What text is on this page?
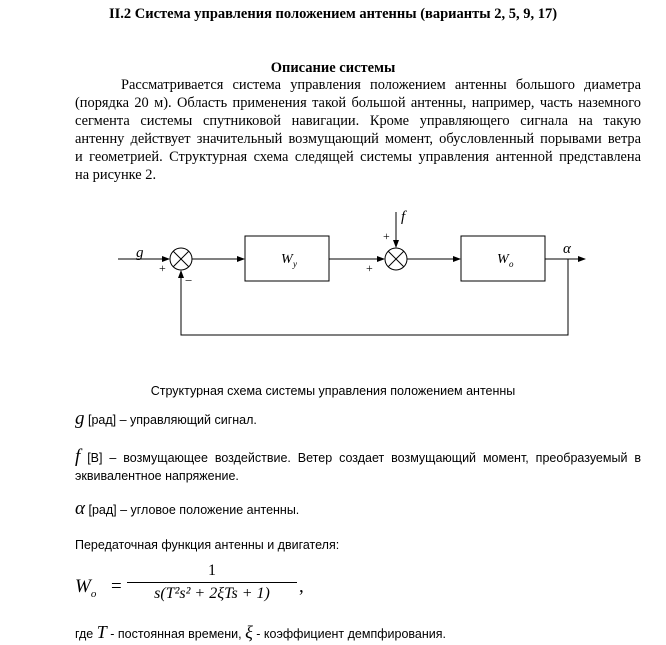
II.2 Система управления положением антенны (варианты 2, 5, 9, 17)
Описание системы
Рассматривается система управления положением антенны большого диаметра
(порядка 20 м). Область применения такой большой антенны, например, часть наземного
сегмента системы спутниковой навигации. Кроме управляющего сигнала на такую
антенну действует значительный возмущающий момент, обусловленный порывами ветра
и геометрией. Структурная схема следящей системы управления антенной представлена
на рисунке 2.
g
+
−
W у
f
+
+
W о
α
Структурная схема системы управления положением антенны
g [рад] – управляющий сигнал.
f [В] – возмущающее воздействие. Ветер создает возмущающий момент, преобразуемый в
эквивалентное напряжение.
α [рад] – угловое положение антенны.
Передаточная функция антенны и двигателя:
$W_o$ =
1
s(T²s² + 2ξTs + 1)	,
где T - постоянная времени, ξ - коэффициент демпфирования.
